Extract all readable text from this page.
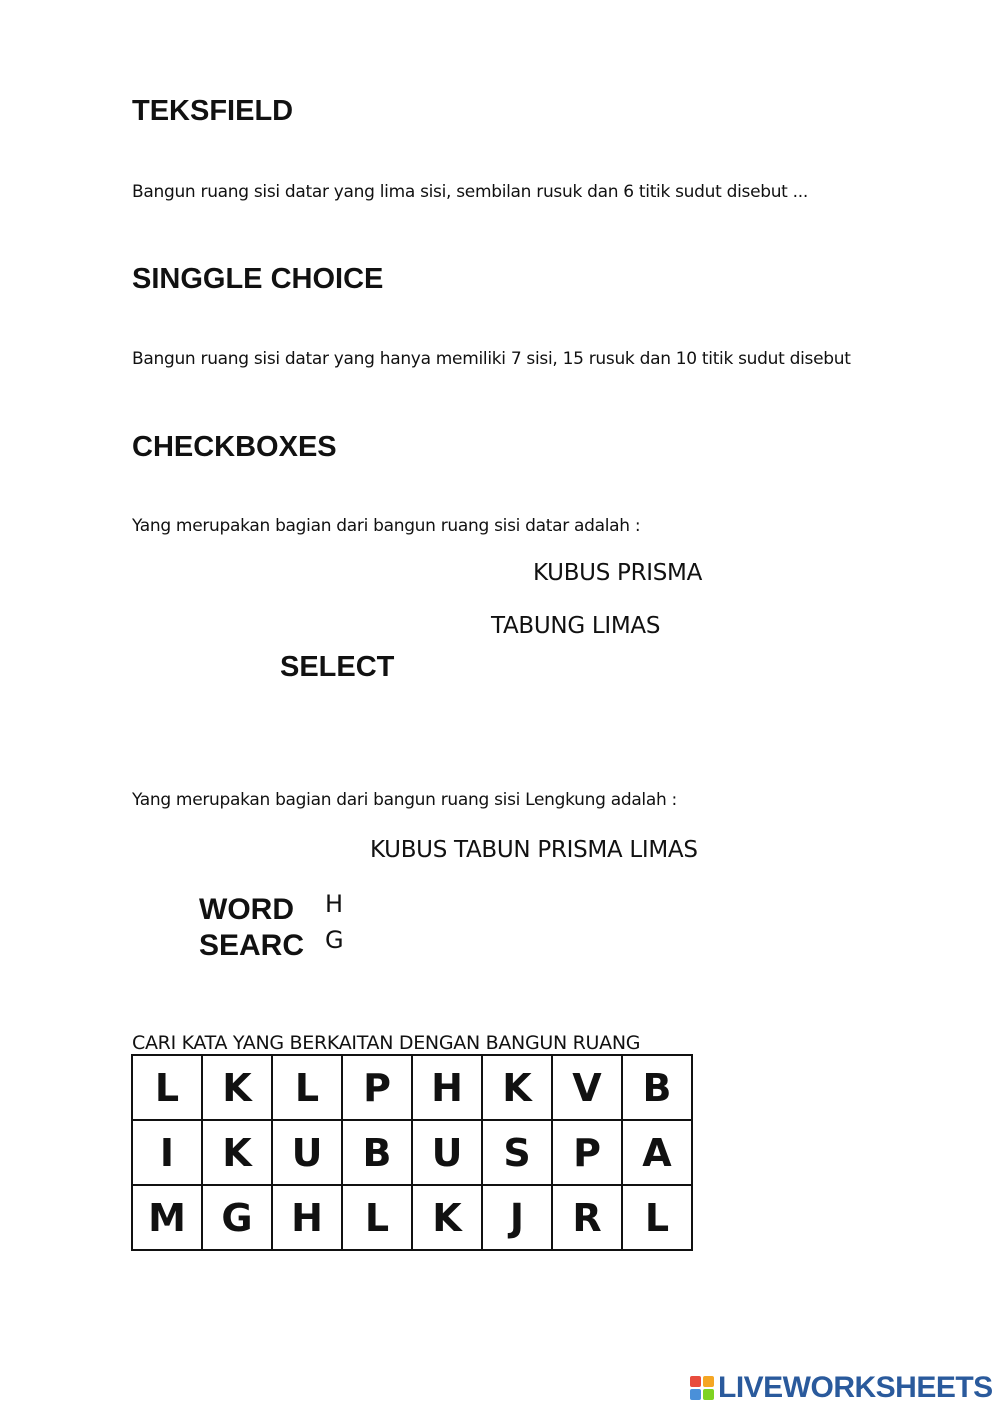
TEKSFIELD
Bangun ruang sisi datar yang lima sisi, sembilan rusuk dan 6 titik sudut disebut ...
SINGGLE CHOICE
Bangun ruang sisi datar yang hanya memiliki 7 sisi, 15 rusuk dan 10 titik sudut disebut
CHECKBOXES
Yang merupakan bagian dari bangun ruang sisi datar adalah :
KUBUS PRISMA
TABUNG LIMAS
SELECT
Yang merupakan bagian dari bangun ruang sisi Lengkung adalah :
KUBUS TABUN PRISMA LIMAS
WORD
SEARC
H
G
CARI KATA YANG BERKAITAN DENGAN BANGUN RUANG
L	K	L	P	H	K	V	B
I	K	U	B	U	S	P	A
M	G	H	L	K	J	R	L
LIVEWORKSHEETS
